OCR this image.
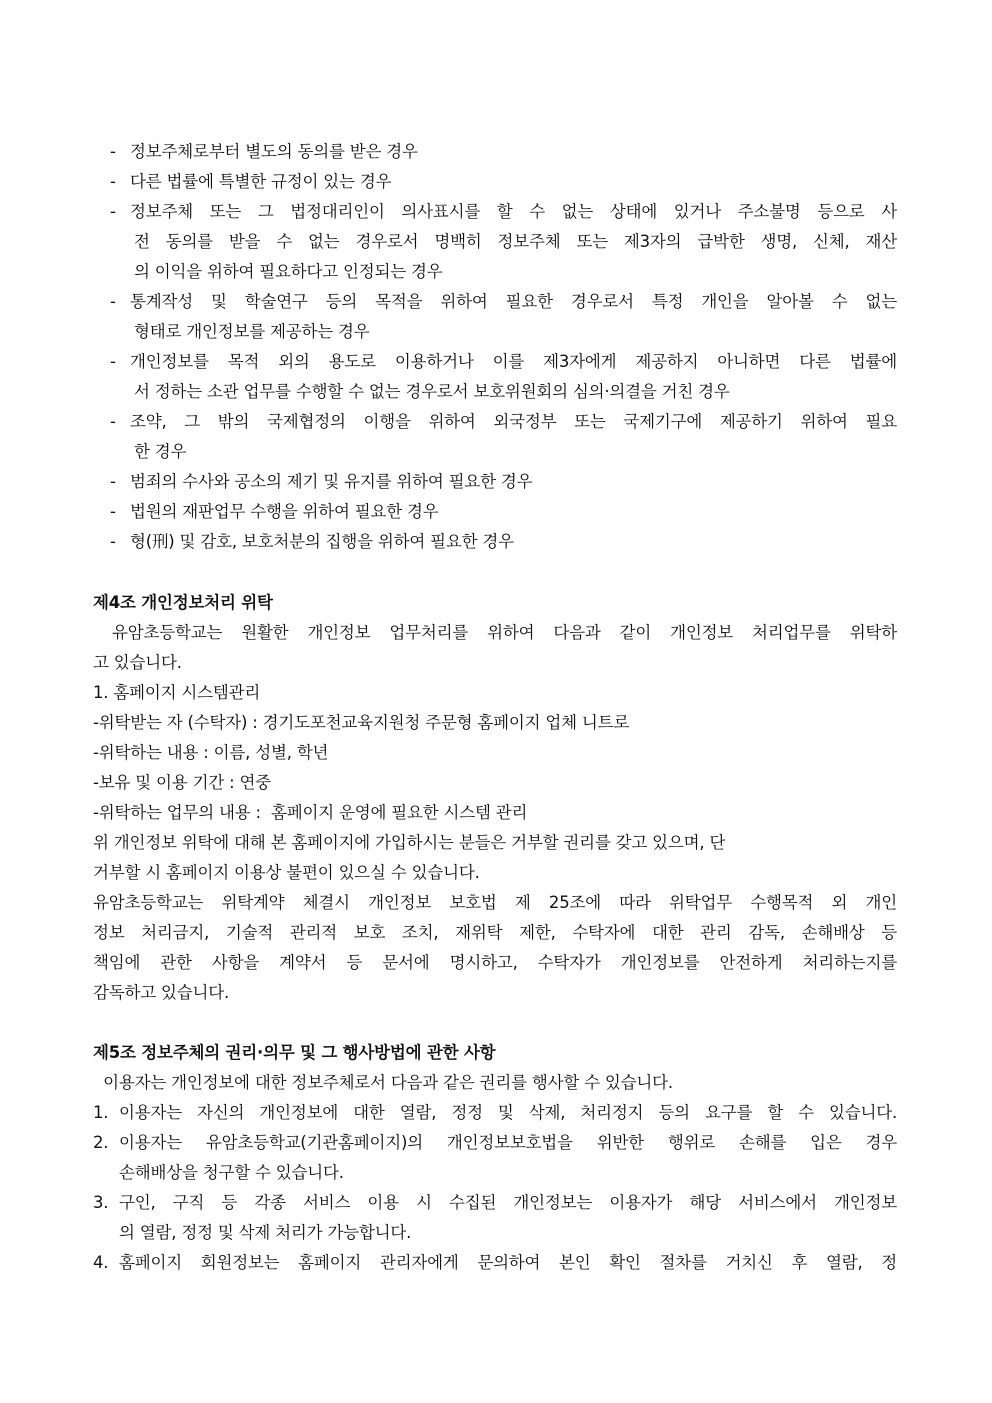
- 정보주체로부터 별도의 동의를 받은 경우
- 다른 법률에 특별한 규정이 있는 경우
- 정보주체 또는 그 법정대리인이 의사표시를 할 수 없는 상태에 있거나 주소불명 등으로 사
전 동의를 받을 수 없는 경우로서 명백히 정보주체 또는 제3자의 급박한 생명, 신체, 재산
의 이익을 위하여 필요하다고 인정되는 경우
- 통계작성 및 학술연구 등의 목적을 위하여 필요한 경우로서 특정 개인을 알아볼 수 없는
형태로 개인정보를 제공하는 경우
- 개인정보를 목적 외의 용도로 이용하거나 이를 제3자에게 제공하지 아니하면 다른 법률에
서 정하는 소관 업무를 수행할 수 없는 경우로서 보호위원회의 심의·의결을 거친 경우
- 조약, 그 밖의 국제협정의 이행을 위하여 외국정부 또는 국제기구에 제공하기 위하여 필요
한 경우
- 범죄의 수사와 공소의 제기 및 유지를 위하여 필요한 경우
- 법원의 재판업무 수행을 위하여 필요한 경우
- 형(刑) 및 감호, 보호처분의 집행을 위하여 필요한 경우
제4조 개인정보처리 위탁
유암초등학교는 원활한 개인정보 업무처리를 위하여 다음과 같이 개인정보 처리업무를 위탁하
고 있습니다.
1. 홈페이지 시스템관리
-위탁받는 자 (수탁자) : 경기도포천교육지원청 주문형 홈페이지 업체 니트로
-위탁하는 내용 : 이름, 성별, 학년
-보유 및 이용 기간 : 연중
-위탁하는 업무의 내용 :  홈페이지 운영에 필요한 시스템 관리
위 개인정보 위탁에 대해 본 홈페이지에 가입하시는 분들은 거부할 권리를 갖고 있으며, 단
거부할 시 홈페이지 이용상 불편이 있으실 수 있습니다.
유암초등학교는 위탁계약 체결시 개인정보 보호법 제 25조에 따라 위탁업무 수행목적 외 개인
정보 처리금지, 기술적 관리적 보호 조치, 재위탁 제한, 수탁자에 대한 관리 감독, 손해배상 등
책임에 관한 사항을 계약서 등 문서에 명시하고, 수탁자가 개인정보를 안전하게 처리하는지를
감독하고 있습니다.
제5조 정보주체의 권리·의무 및 그 행사방법에 관한 사항
이용자는 개인정보에 대한 정보주체로서 다음과 같은 권리를 행사할 수 있습니다.
1. 이용자는 자신의 개인정보에 대한 열람, 정정 및 삭제, 처리정지 등의 요구를 할 수 있습니다.
2. 이용자는 유암초등학교(기관홈페이지)의 개인정보보호법을 위반한 행위로 손해를 입은 경우
손해배상을 청구할 수 있습니다.
3. 구인, 구직 등 각종 서비스 이용 시 수집된 개인정보는 이용자가 해당 서비스에서 개인정보
의 열람, 정정 및 삭제 처리가 가능합니다.
4. 홈페이지 회원정보는 홈페이지 관리자에게 문의하여 본인 확인 절차를 거치신 후 열람, 정
